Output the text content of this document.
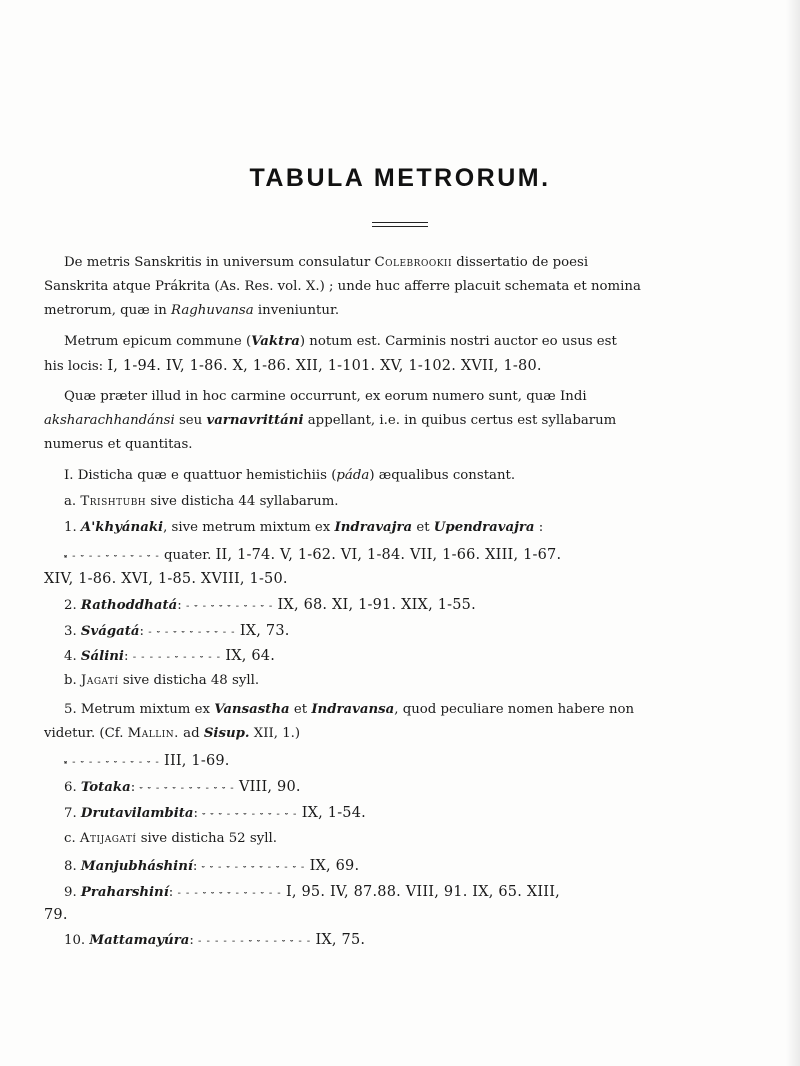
TABULA METRORUM.
De metris Sanskritis in universum consulatur Colebrookii dissertatio de poesi
Sanskrita atque Prákrita (As. Res. vol. X.) ; unde huc afferre placuit schemata et nomina
metrorum, quæ in Raghuvansa inveniuntur.
Metrum epicum commune (Vaktra) notum est. Carminis nostri auctor eo usus est
his locis: I, 1-94. IV, 1-86. X, 1-86. XII, 1-101. XV, 1-102. XVII, 1-80.
Quæ præter illud in hoc carmine occurrunt, ex eorum numero sunt, quæ Indi
aksharachhandánsi seu varnavrittáni appellant, i.e. in quibus certus est syllabarum
numerus et quantitas.
I. Disticha quæ e quattuor hemistichiis (páda) æqualibus constant.
a. Trishtubh sive disticha 44 syllabarum.
1. A'khyánaki, sive metrum mixtum ex Indravajra et Upendravajra :
⏓ - ⏑ - - ⏑ ⏑ - ⏑ - ⏑ - quater. II, 1-74. V, 1-62. VI, 1-84. VII, 1-66. XIII, 1-67.
XIV, 1-86. XVI, 1-85. XVIII, 1-50.
2. Rathoddhatá: - ⏑ - ⏑ ⏑ ⏑ - ⏑ - ⏑ - IX, 68. XI, 1-91. XIX, 1-55.
3. Svágatá: - ⏑ - ⏑ ⏑ ⏑ - ⏑ ⏑ - - IX, 73.
4. Sálini: - - - - - ⏑ - - ⏑ - - IX, 64.
b. Jagatí sive disticha 48 syll.
5. Metrum mixtum ex Vansastha et Indravansa, quod peculiare nomen habere non
videtur. (Cf. Mallin. ad Sisup. XII, 1.)
⏓ - ⏑ - - ⏑ ⏑ - ⏑ - ⏑ - III, 1-69.
6. Totaka: ⏑ ⏑ - ⏑ ⏑ - ⏑ ⏑ - ⏑ ⏑ - VIII, 90.
7. Drutavilambita: ⏑ ⏑ ⏑ - ⏑ ⏑ - ⏑ ⏑ - ⏑ - IX, 1-54.
c. Atijagatí sive disticha 52 syll.
8. Manjubháshiní: ⏑ ⏑ - ⏑ - ⏑ ⏑ ⏑ - ⏑ - ⏑ - IX, 69.
9. Praharshiní: - - - ⏑ ⏑ ⏑ ⏑ - ⏑ - ⏑ - - I, 95. IV, 87.88. VIII, 91. IX, 65. XIII,
79.
10. Mattamayúra: - - - - - - ⏑ ⏑ - - ⏑ ⏑ - - IX, 75.
